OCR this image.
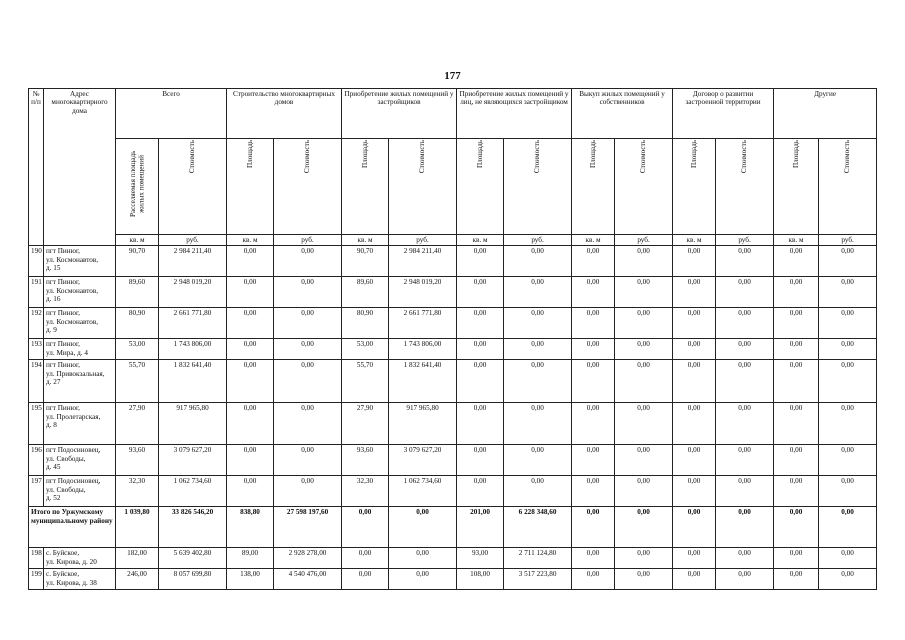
177
№ п/п	Адрес многоквартирного дома	Всего		Строительство многоквартирных домов		Приобретение жилых помещений у застройщиков		Приобретение жилых помещений у лиц, не являющихся застройщиком		Выкуп жилых помещений у собственников		Договор о развитии застроенной территории		Другие	

		Расселяемая площадь жилых помещений	Стоимость	Площадь	Стоимость	Площадь	Стоимость	Площадь	Стоимость	Площадь	Стоимость	Площадь	Стоимость	Площадь	Стоимость

		кв. м	руб.	кв. м	руб.	кв. м	руб.	кв. м	руб.	кв. м	руб.	кв. м	руб.	кв. м	руб.
190	пгт Пинюг,
ул. Космонавтов,
д. 15	90,70	2 984 211,40	0,00	0,00	90,70	2 984 211,40	0,00	0,00	0,00	0,00	0,00	0,00	0,00	0,00
191	пгт Пинюг,
ул. Космонавтов,
д. 16	89,60	2 948 019,20	0,00	0,00	89,60	2 948 019,20	0,00	0,00	0,00	0,00	0,00	0,00	0,00	0,00
192	пгт Пинюг,
ул. Космонавтов,
д. 9	80,90	2 661 771,80	0,00	0,00	80,90	2 661 771,80	0,00	0,00	0,00	0,00	0,00	0,00	0,00	0,00
193	пгт Пинюг,
ул. Мира, д. 4	53,00	1 743 806,00	0,00	0,00	53,00	1 743 806,00	0,00	0,00	0,00	0,00	0,00	0,00	0,00	0,00
194	пгт Пинюг,
ул. Привокзальная,
д. 27	55,70	1 832 641,40	0,00	0,00	55,70	1 832 641,40	0,00	0,00	0,00	0,00	0,00	0,00	0,00	0,00
195	пгт Пинюг,
ул. Пролетарская,
д. 8	27,90	917 965,80	0,00	0,00	27,90	917 965,80	0,00	0,00	0,00	0,00	0,00	0,00	0,00	0,00
196	пгт Подосиновец,
ул. Свободы,
д. 45	93,60	3 079 627,20	0,00	0,00	93,60	3 079 627,20	0,00	0,00	0,00	0,00	0,00	0,00	0,00	0,00
197	пгт Подосиновец,
ул. Свободы,
д. 52	32,30	1 062 734,60	0,00	0,00	32,30	1 062 734,60	0,00	0,00	0,00	0,00	0,00	0,00	0,00	0,00
Итого по Уржумскому муниципальному району		1 039,80	33 826 546,20	838,80	27 598 197,60	0,00	0,00	201,00	6 228 348,60	0,00	0,00	0,00	0,00	0,00	0,00
198	с. Буйское,
ул. Кирова, д. 20	182,00	5 639 402,80	89,00	2 928 278,00	0,00	0,00	93,00	2 711 124,80	0,00	0,00	0,00	0,00	0,00	0,00
199	с. Буйское,
ул. Кирова, д. 38	246,00	8 057 699,80	138,00	4 540 476,00	0,00	0,00	108,00	3 517 223,80	0,00	0,00	0,00	0,00	0,00	0,00
